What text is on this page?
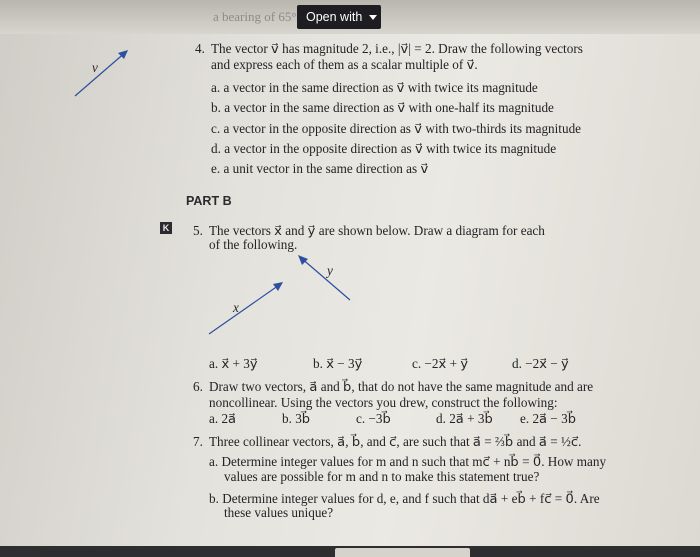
a bearing of 65° Open with
v⃗
4. The vector v⃗ has magnitude 2, i.e., |v⃗| = 2. Draw the following vectors
and express each of them as a scalar multiple of v⃗.
a. a vector in the same direction as v⃗ with twice its magnitude
b. a vector in the same direction as v⃗ with one-half its magnitude
c. a vector in the opposite direction as v⃗ with two-thirds its magnitude
d. a vector in the opposite direction as v⃗ with twice its magnitude
e. a unit vector in the same direction as v⃗
PART B
K 5. The vectors x⃗ and y⃗ are shown below. Draw a diagram for each
of the following.
x⃗
y⃗
a. x⃗ + 3y⃗	b. x⃗ − 3y⃗	c. −2x⃗ + y⃗	d. −2x⃗ − y⃗
6. Draw two vectors, a⃗ and b⃗, that do not have the same magnitude and are
noncollinear. Using the vectors you drew, construct the following:
a. 2a⃗	b. 3b⃗	c. −3b⃗	d. 2a⃗ + 3b⃗ e. 2a⃗ − 3b⃗
7. Three collinear vectors, a⃗, b⃗, and c⃗, are such that a⃗ = ⅔b⃗ and a⃗ = ½c⃗.
a. Determine integer values for m and n such that mc⃗ + nb⃗ = 0⃗. How many
values are possible for m and n to make this statement true?
b. Determine integer values for d, e, and f such that da⃗ + eb⃗ + fc⃗ = 0⃗. Are
these values unique?
